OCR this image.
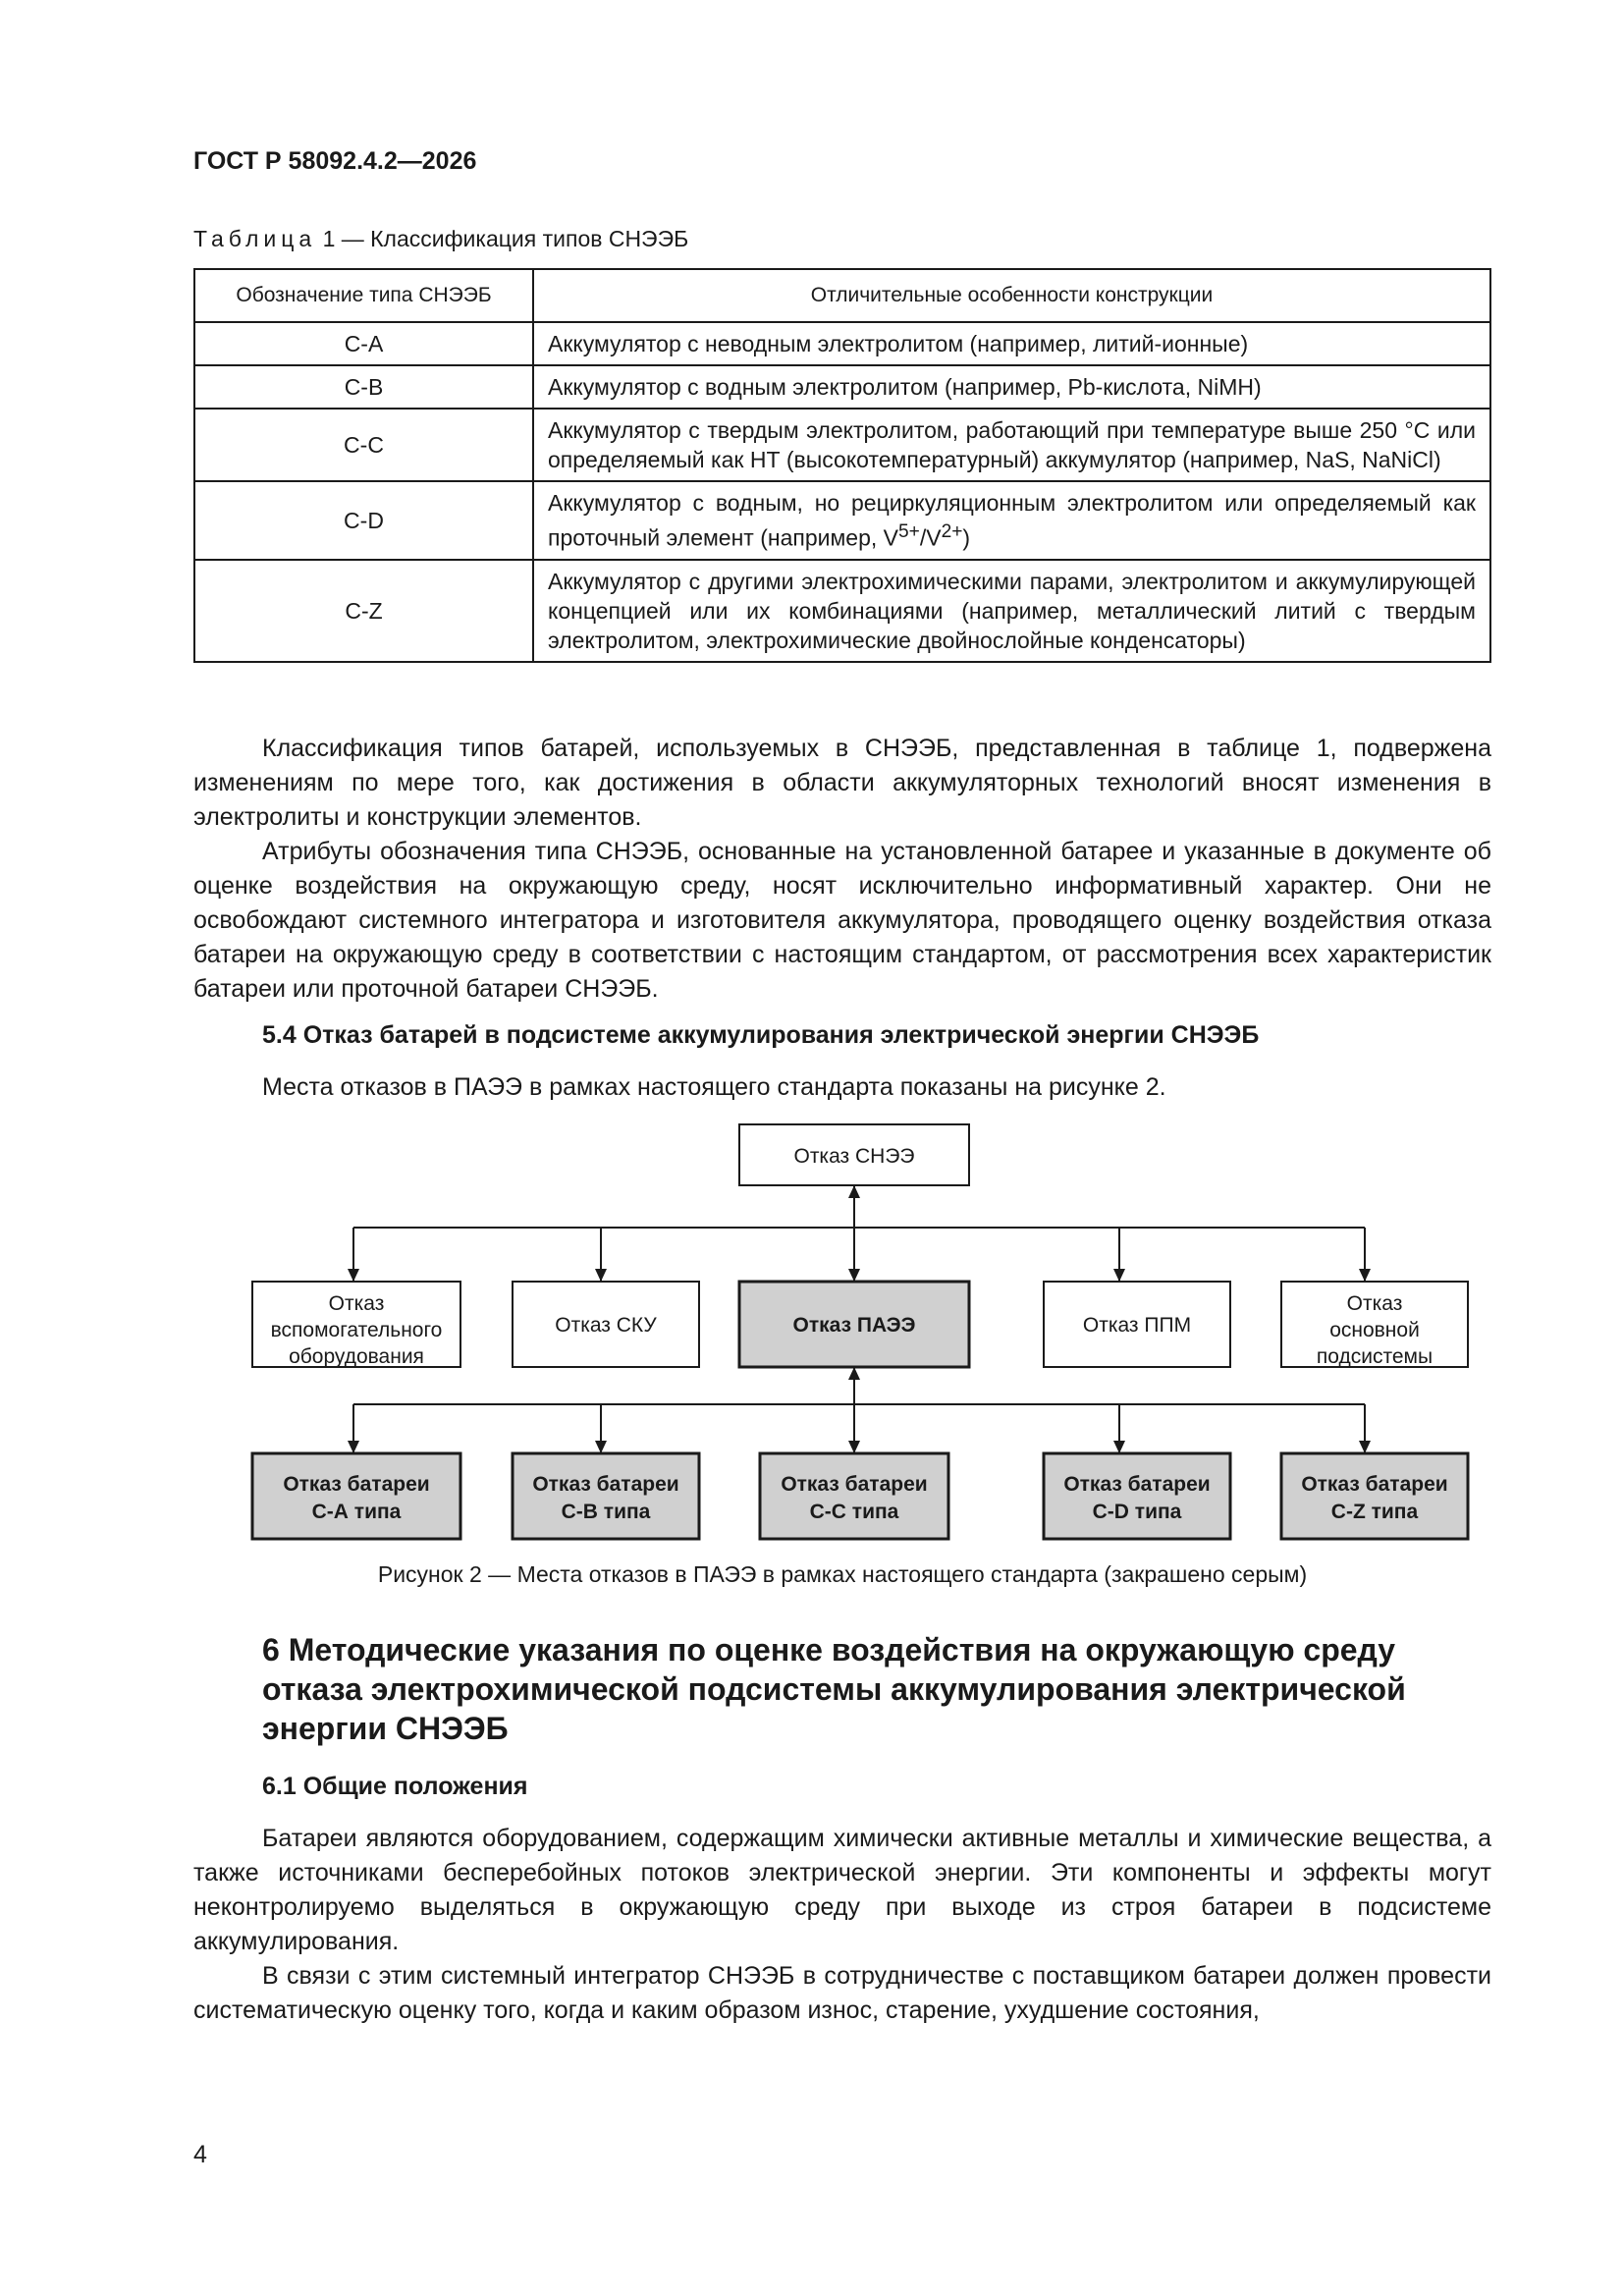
ГОСТ Р 58092.4.2—2026
Таблица 1 — Классификация типов СНЭЭБ
Обозначение типа СНЭЭБ	Отличительные особенности конструкции
C-A	Аккумулятор с неводным электролитом (например, литий-ионные)
C-B	Аккумулятор с водным электролитом (например, Pb-кислота, NiMH)
C-C	Аккумулятор с твердым электролитом, работающий при температуре выше 250 °С или определяемый как НТ (высокотемпературный) аккумулятор (например, NaS, NaNiCl)
C-D	Аккумулятор с водным, но рециркуляционным электролитом или определяемый как проточный элемент (например, $V^{5+}/V^{2+}$)
C-Z	Аккумулятор с другими электрохимическими парами, электролитом и аккумулирующей концепцией или их комбинациями (например, металлический литий с твердым электролитом, электрохимические двойнослойные конденсаторы)

Классификация типов батарей, используемых в СНЭЭБ, представленная в таблице 1, подвержена изменениям по мере того, как достижения в области аккумуляторных технологий вносят изменения в электролиты и конструкции элементов.

Атрибуты обозначения типа СНЭЭБ, основанные на установленной батарее и указанные в документе об оценке воздействия на окружающую среду, носят исключительно информативный характер. Они не освобождают системного интегратора и изготовителя аккумулятора, проводящего оценку воздействия отказа батареи на окружающую среду в соответствии с настоящим стандартом, от рассмотрения всех характеристик батареи или проточной батареи СНЭЭБ.

5.4 Отказ батарей в подсистеме аккумулирования электрической энергии СНЭЭБ

Места отказов в ПАЭЭ в рамках настоящего стандарта показаны на рисунке 2.

Отказ СНЭЭ
Отказ
вспомогательного
оборудования
Отказ СКУ	Отказ ПАЭЭ	Отказ ППМ
Отказ
основной
подсистемы
Отказ батареи
С-А типа
Отказ батареи
С-В типа
Отказ батареи
С-С типа
Отказ батареи
С-D типа
Отказ батареи
С-Z типа
Рисунок 2 — Места отказов в ПАЭЭ в рамках настоящего стандарта (закрашено серым)
6 Методические указания по оценке воздействия на окружающую среду отказа электрохимической подсистемы аккумулирования электрической энергии СНЭЭБ

6.1 Общие положения

Батареи являются оборудованием, содержащим химически активные металлы и химические вещества, а также источниками бесперебойных потоков электрической энергии. Эти компоненты и эффекты могут неконтролируемо выделяться в окружающую среду при выходе из строя батареи в подсистеме аккумулирования.

В связи с этим системный интегратор СНЭЭБ в сотрудничестве с поставщиком батареи должен провести систематическую оценку того, когда и каким образом износ, старение, ухудшение состояния,

4
